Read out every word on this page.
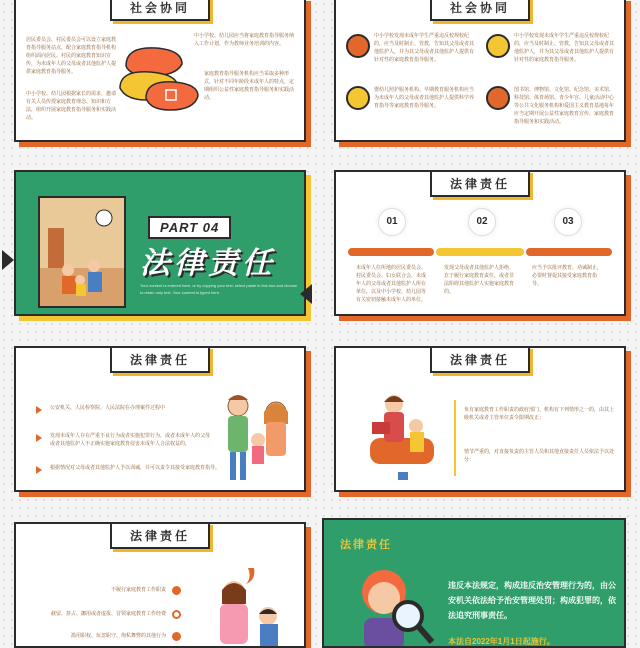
社会协同
居民委员会、村民委员会可以设立家庭教育指导服务站点，配合家庭教育指导机构组织面向居民、村民的家庭教育知识宣传，为未成年人的父母或者其他监护人提供家庭教育指导服务。
中小学校、幼儿园根据家长的需求，邀请有关人员传授家庭教育理念、知识和方法，组织开展家庭教育指导服务和实践活动。
中小学校、幼儿园应当将家庭教育指导服务纳入工作计划，作为教师业务培训的内容。
家庭教育指导服务机构应当采取多种形式，针对不同年龄段未成年人的特点，定期组织公益性家庭教育指导服务和实践活动。
社会协同
中小学校发现未成年学生严重违反校规校纪的，应当及时制止、管教，告知其父母或者其他监护人，并为其父母或者其他监护人提供有针对性的家庭教育指导服务。
中小学校发现未成年学生严重违反校规校纪的，应当及时制止、管教，告知其父母或者其他监护人，并为其父母或者其他监护人提供有针对性的家庭教育指导服务。
婴幼儿照护服务机构、早期教育服务机构应当为未成年人的父母或者其他监护人提供科学养育指导等家庭教育指导服务。
图书馆、博物馆、文化馆、纪念馆、美术馆、科技馆、体育场馆、青少年宫、儿童活动中心等公共文化服务机构和爱国主义教育基地每年应当定期开展公益性家庭教育宣传、家庭教育指导服务和实践活动。
PART 04
法律责任
Your content is entered here, or by copying your text, select paste in this box and choose to retain only text. Your content is typed here.
法律责任
01	02	03
未成年人住所地的居民委员会、村民委员会、妇女联合会，未成年人的父母或者其他监护人所在单位，以及中小学校、幼儿园等有关密切接触未成年人的单位。
发现父母或者其他监护人拒绝、怠于履行家庭教育责任，或者非法阻碍其他监护人实施家庭教育的。
应当予以批评教育、劝诫制止，必要时督促其接受家庭教育指导。
法律责任
公安机关、人民检察院、人民法院在办理案件过程中
发现未成年人存在严重不良行为或者实施犯罪行为，或者未成年人的父母或者其他监护人不正确实施家庭教育侵害未成年人合法权益的，
根据情况对父母或者其他监护人予以训诫，并可以责令其接受家庭教育指导。
法律责任
负有家庭教育工作职责的政府部门、机构有下列情形之一的，由其上级机关或者主管单位责令限期改正；
情节严重的，对直接负责的主管人员和其他直接责任人员依法予以处分：
法律责任
不履行家庭教育工作职责
截留、挤占、挪用或者虚报、冒领家庭教育工作经费
滥用职权、玩忽职守、徇私舞弊的其他行为
法律责任
违反本法规定，构成违反治安管理行为的，由公安机关依法给予治安管理处罚；构成犯罪的，依法追究刑事责任。
本法自2022年1月1日起施行。
